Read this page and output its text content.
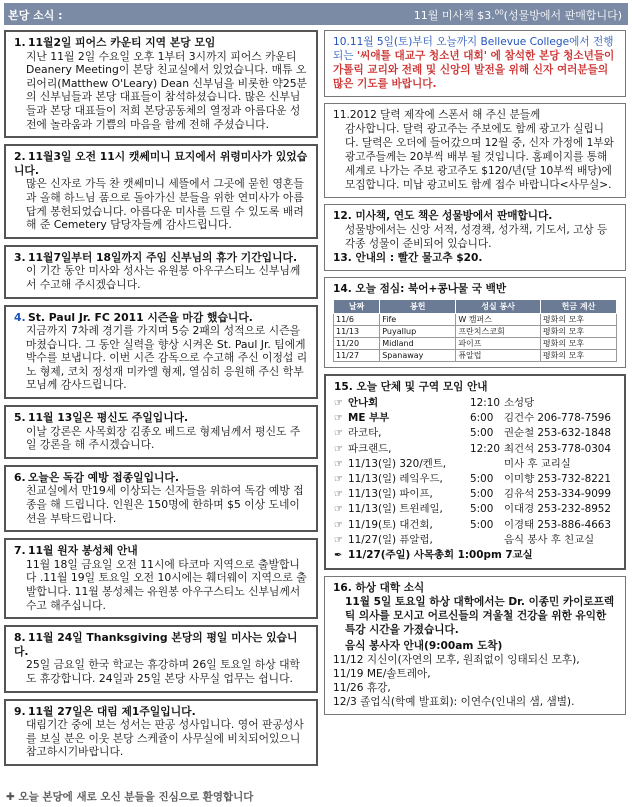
본당 소식 :	11월 미사책 $3.00(성물방에서 판매합니다)
1. 11월2일 피어스 카운티 지역 본당 모임
지난 11월 2일 수요일 오후 1부터 3시까지 피어스 카운티 Deanery Meeting이 본당 친교실에서 있었습니다. 매튜 오리어리(Matthew O'Leary) Dean 신부님을 비롯한 약25분의 신부님들과 본당 대표들이 참석하셨습니다. 많은 신부님들과 본당 대표들이 저희 본당공동체의 열정과 아름다운 성전에 놀라움과 기쁨의 마음을 함께 전해 주셨습니다.
2. 11월3일 오전 11시 캣쎄미니 묘지에서 위령미사가 있었습니다.
많은 신자로 가득 찬 캣쎄미니 세뜰에서 그곳에 묻힌 영혼들과 올해 하느님 품으로 돌아가신 분들을 위한 연미사가 아름답게 봉헌되었습니다. 아름다운 미사를 드릴 수 있도록 배려해 준 Cemetery 담당자들께 감사드립니다.
3. 11월7일부터 18일까지 주임 신부님의 휴가 기간입니다.
이 기간 동안 미사와 성사는 유원봉 아우구스티노 신부님께서 수고해 주시겠습니다.
4. St. Paul Jr. FC 2011 시즌을 마감 했습니다.
지금까지 7차례 경기를 가지며 5승 2패의 성적으로 시즌을 마쳤습니다. 그 동안 실력을 향상 시켜온 St. Paul Jr. 팀에게 박수를 보냅니다. 이번 시즌 감독으로 수고해 주신 이정섭 리노 형제, 코치 정성재 미카엘 형제, 열심히 응원해 주신 학부모님께 감사드립니다.
5. 11월 13일은 평신도 주일입니다.
이날 강론은 사목회장 김종오 베드로 형제님께서 평신도 주일 강론을 해 주시겠습니다.
6. 오늘은 독감 예방 접종일입니다.
친교실에서 만19세 이상되는 신자들을 위하여 독감 예방 접종을 해 드립니다. 인원은 150명에 한하며 $5 이상 도네이션을 부탁드립니다.
7. 11월 원자 봉성체 안내
11월 18일 금요일 오전 11시에 타코마 지역으로 출발합니다 .11월 19일 토요일 오전 10시에는 훼더웨이 지역으로 출발합니다. 11월 봉성체는 유원봉 아우구스티노 신부님께서 수고 해주십니다.
8. 11월 24일 Thanksgiving 본당의 평일 미사는 있습니다.
25일 금요일 한국 학교는 휴강하며 26일 토요일 하상 대학도 휴강합니다. 24일과 25일 본당 사무실 업무는 쉽니다.
9. 11월 27일은 대림 제1주일입니다.
대림기간 중에 보는 성서는 판공 성사입니다. 영어 판공성사를 보실 분은 이웃 본당 스케쥴이 사무실에 비치되어있으니 참고하시기바랍니다.

10.11월 5일(토)부터 오늘까지 Bellevue College에서 전행되는 '씨애틀 대교구 청소년 대회' 에 참석한 본당 청소년들이 가톨릭 교리와 전례 및 신앙의 발전을 위해 신자 여러분들의 많은 기도를 바랍니다.

11.2012 달력 제작에 스폰서 해 주신 분들께

감사합니다. 달력 광고주는 주보에도 함께 광고가 실립니다. 달력은 오더에 들어갔으며 12월 중, 신자 가정에 1부와 광고주들께는 20부씩 배부 될 것입니다. 홈페이지를 통해 세계로 나가는 주보 광고주도 $120/년(달 10부씩 배당)에 모집합니다. 미납 광고비도 함께 접수 바랍니다<사무실>.

12. 미사책, 연도 책은 성물방에서 판매합니다.

성물방에서는 신앙 서적, 성경책, 성가책, 기도서, 고상 등 각종 성물이 준비되어 있습니다.

13. 안내의 : 빨간 물고추 $20.

14. 오늘 점심: 북어+콩나물 국 백반

날짜	봉헌	성실 봉사	헌금 계산
11/6	Fife	W 캠퍼스	평화의 모후
11/13	Puyallup	프란치스코회	평화의 모후
11/20	Midland	파이프	평화의 모후
11/27	Spanaway	퓨알럽	평화의 모후

15. 오늘 단체 및 구역 모임 안내

☞ 안나회	12:10 소성당
☞ ME 부부	6:00 김건수 206-778-7596
☞ 라코타,	5:00 권순철 253-632-1848
☞ 파크랜드,	12:20 최건석 253-778-0304
☞ 11/13(일) 320/켄트,	미사 후 교리실
☞ 11/13(일) 레잌우드,	5:00 이미향 253-732-8221
☞ 11/13(일) 파이프,	5:00 김유석 253-334-9099
☞ 11/13(일) 트윈레일,	5:00 이대경 253-232-8952
☞ 11/19(토) 대건회,	5:00 이경태 253-886-4663
☞ 11/27(일) 퓨알럽,	음식 봉사 후 친교실
✒ 11/27(주일) 사목총회 1:00pm 7교실

16. 하상 대학 소식

11월 5일 토요일 하상 대학에서는 Dr. 이종민 카이로프렉틱 의사를 모시고 어르신들의 겨울철 건강을 위한 유익한 특강 시간을 가졌습니다.

음식 봉사자 안내(9:00am 도착)

11/12 지신이(자연의 모후, 원죄없이 잉태되신 모후),

11/19 ME/솔트레아,

11/26 휴강,

12/3 졸업식(학예 발표회): 이연수(인내의 샘, 샘별).

✚ 오늘 본당에 새로 오신 분들을 진심으로 환영합니다
